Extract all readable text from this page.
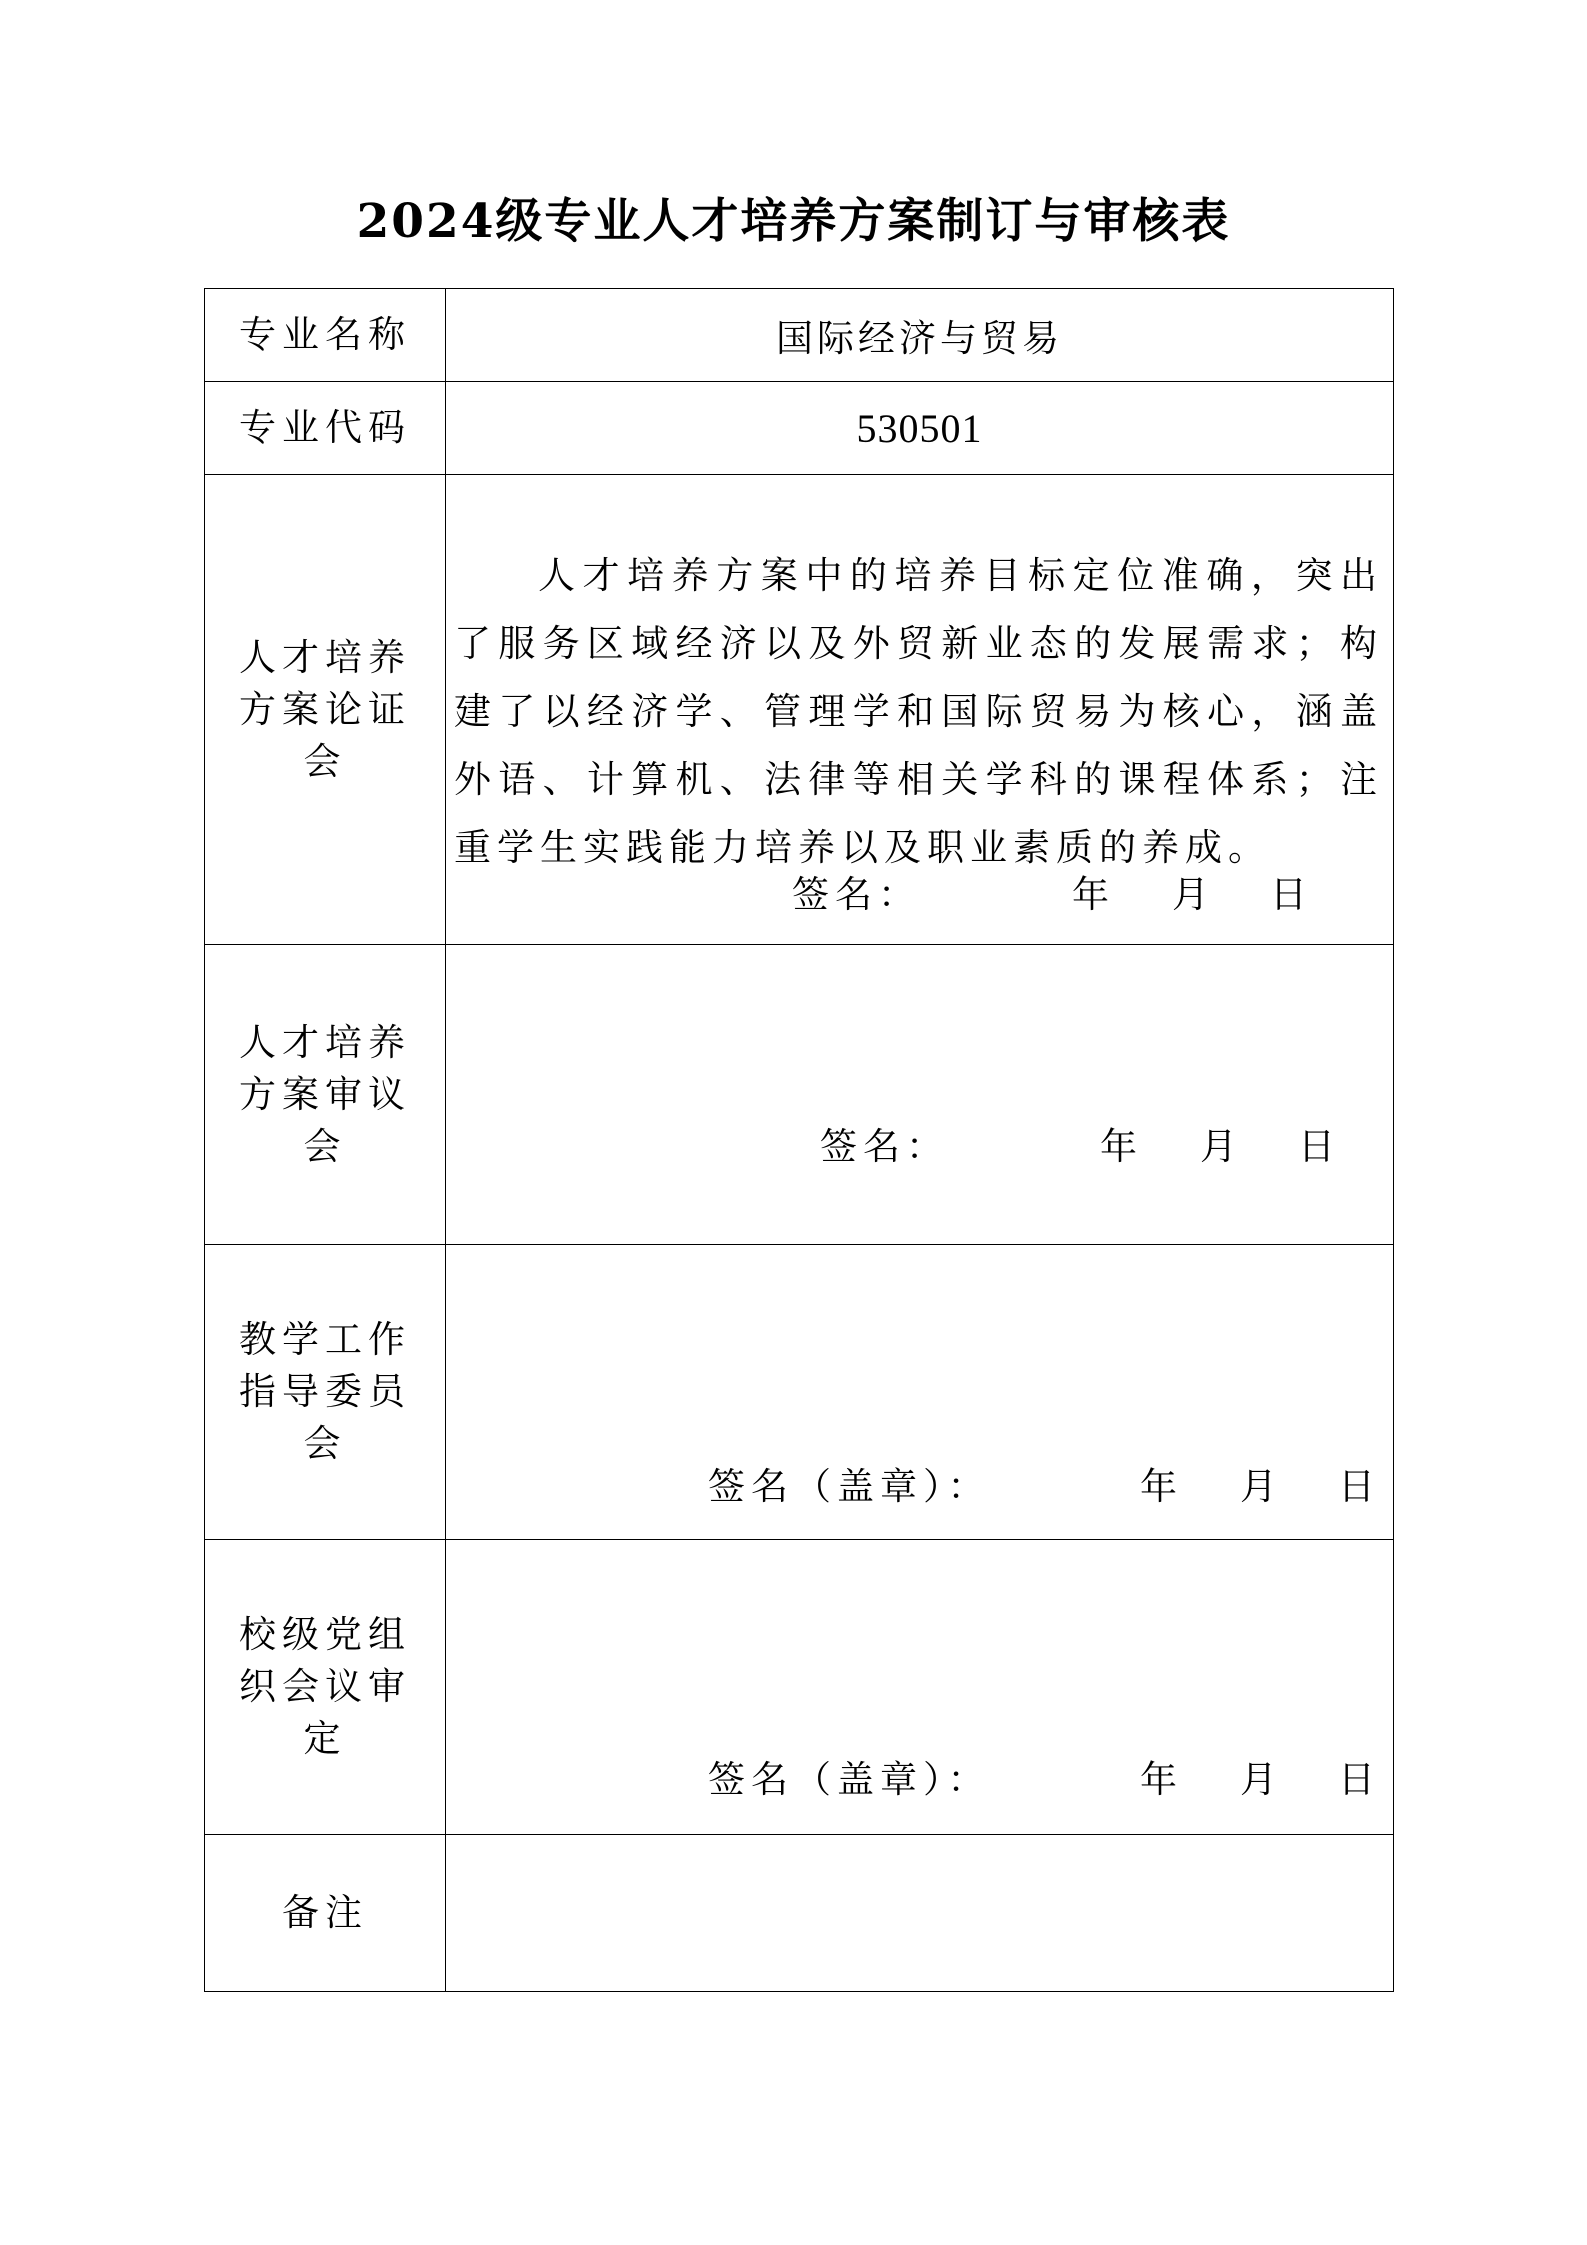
2024级专业人才培养方案制订与审核表
专业名称	国际经济与贸易
专业代码	530501
人才培养方案论证会	人才培养方案中的培养目标定位准确，突出了服务区域经济以及外贸新业态的发展需求；构建了以经济学、管理学和国际贸易为核心，涵盖外语、计算机、法律等相关学科的课程体系；注重学生实践能力培养以及职业素质的养成。
签名： 年 月 日

人才培养方案审议会	签名： 年 月 日

教学工作指导委员会	签名（盖章）： 年 月 日

校级党组织会议审定	签名（盖章）： 年 月 日

备注	
